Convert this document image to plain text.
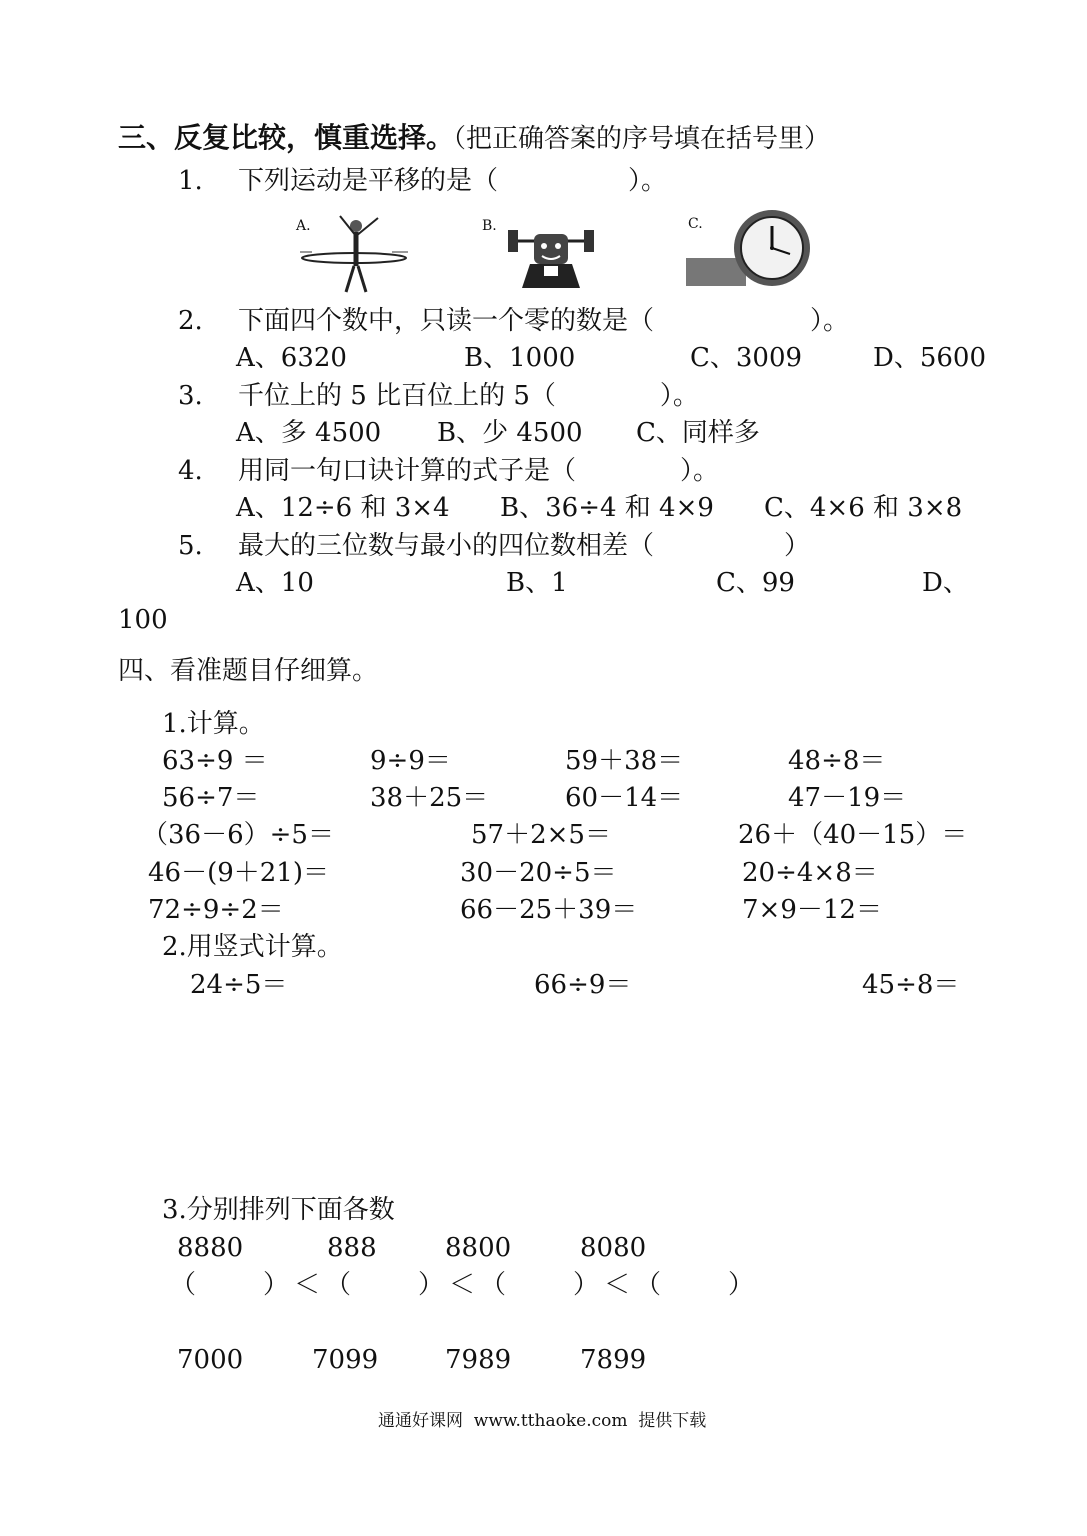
三、反复比较，慎重选择。
（把正确答案的序号填在括号里）
1. 下列运动是平移的是（　　　　　）。
A.	B.	C.
2. 下面四个数中，只读一个零的数是（　　　　　　）。
A、6320	B、1000	C、3009	D、5600
3. 千位上的 5 比百位上的 5（　　　　）。
A、多 4500 B、少 4500 C、同样多
4. 用同一句口诀计算的式子是（　　　　）。
A、12÷6 和 3×4 B、36÷4 和 4×9 C、4×6 和 3×8
5. 最大的三位数与最小的四位数相差（　　　　　）
A、10	B、1	C、99	D、
100
四、看准题目仔细算。
1.计算。
63÷9 ＝	9÷9＝	59＋38＝	48÷8＝
56÷7＝	38＋25＝	60－14＝	47－19＝
（36－6）÷5＝	57＋2×5＝	26＋（40－15）＝
46－(9＋21)＝	30－20÷5＝	20÷4×8＝
72÷9÷2＝	66－25＋39＝	7×9－12＝
2.用竖式计算。
24÷5＝	66÷9＝	45÷8＝
3.分别排列下面各数
8880	888	8800	8080
（　　）＜（　　）＜（　　）＜（　　）
7000	7099	7989	7899
通通好课网  www.tthaoke.com  提供下载
